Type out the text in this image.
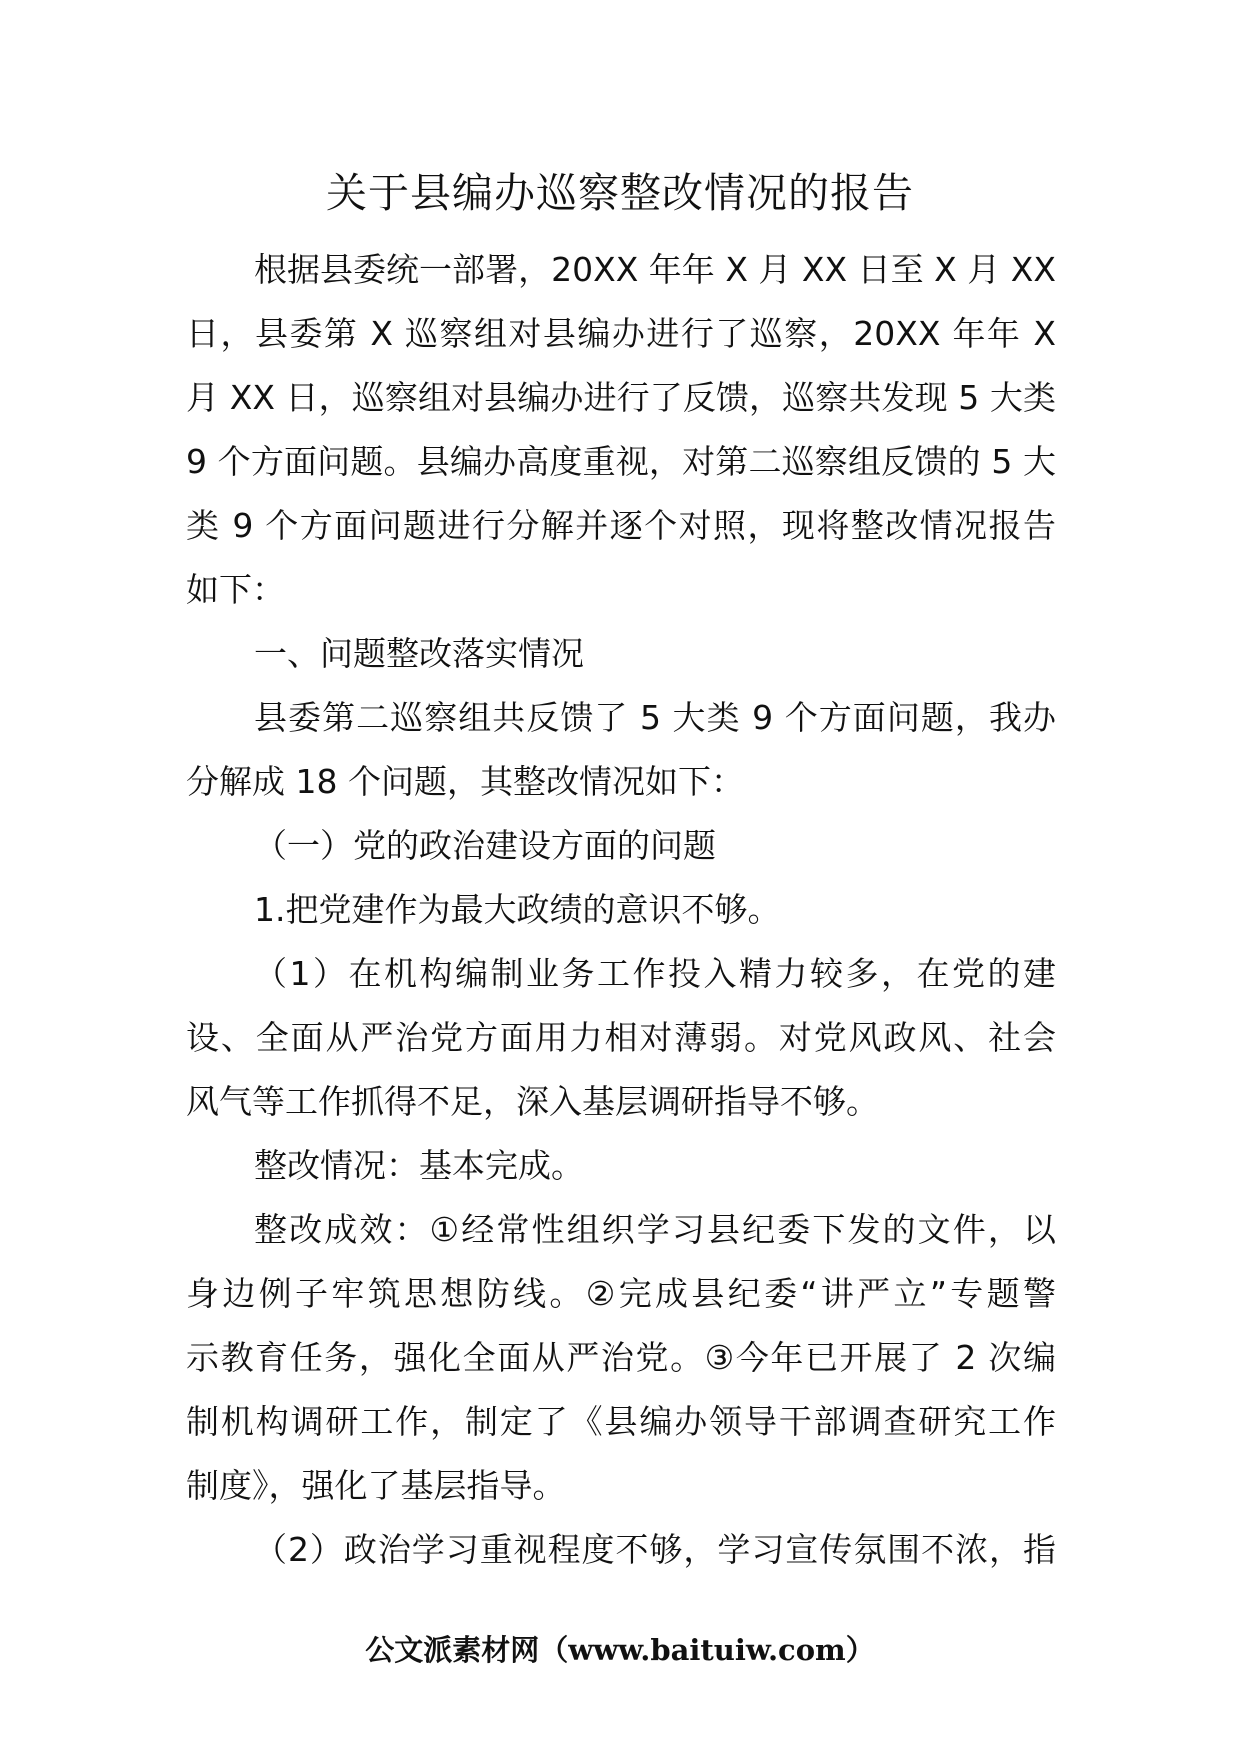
关于县编办巡察整改情况的报告
根据县委统一部署，20XX 年年 X 月 XX 日至 X 月 XX
日，县委第 X 巡察组对县编办进行了巡察，20XX 年年 X
月 XX 日，巡察组对县编办进行了反馈，巡察共发现 5 大类
9 个方面问题。县编办高度重视，对第二巡察组反馈的 5 大
类 9 个方面问题进行分解并逐个对照，现将整改情况报告
如下：
一、问题整改落实情况
县委第二巡察组共反馈了 5 大类 9 个方面问题，我办
分解成 18 个问题，其整改情况如下：
（一）党的政治建设方面的问题
1.把党建作为最大政绩的意识不够。
（1）在机构编制业务工作投入精力较多，在党的建
设、全面从严治党方面用力相对薄弱。对党风政风、社会
风气等工作抓得不足，深入基层调研指导不够。
整改情况：基本完成。
整改成效：①经常性组织学习县纪委下发的文件，以
身边例子牢筑思想防线。②完成县纪委“讲严立”专题警
示教育任务，强化全面从严治党。③今年已开展了 2 次编
制机构调研工作，制定了《县编办领导干部调查研究工作
制度》，强化了基层指导。
（2）政治学习重视程度不够，学习宣传氛围不浓，指
公文派素材网（www.baituiw.com）
